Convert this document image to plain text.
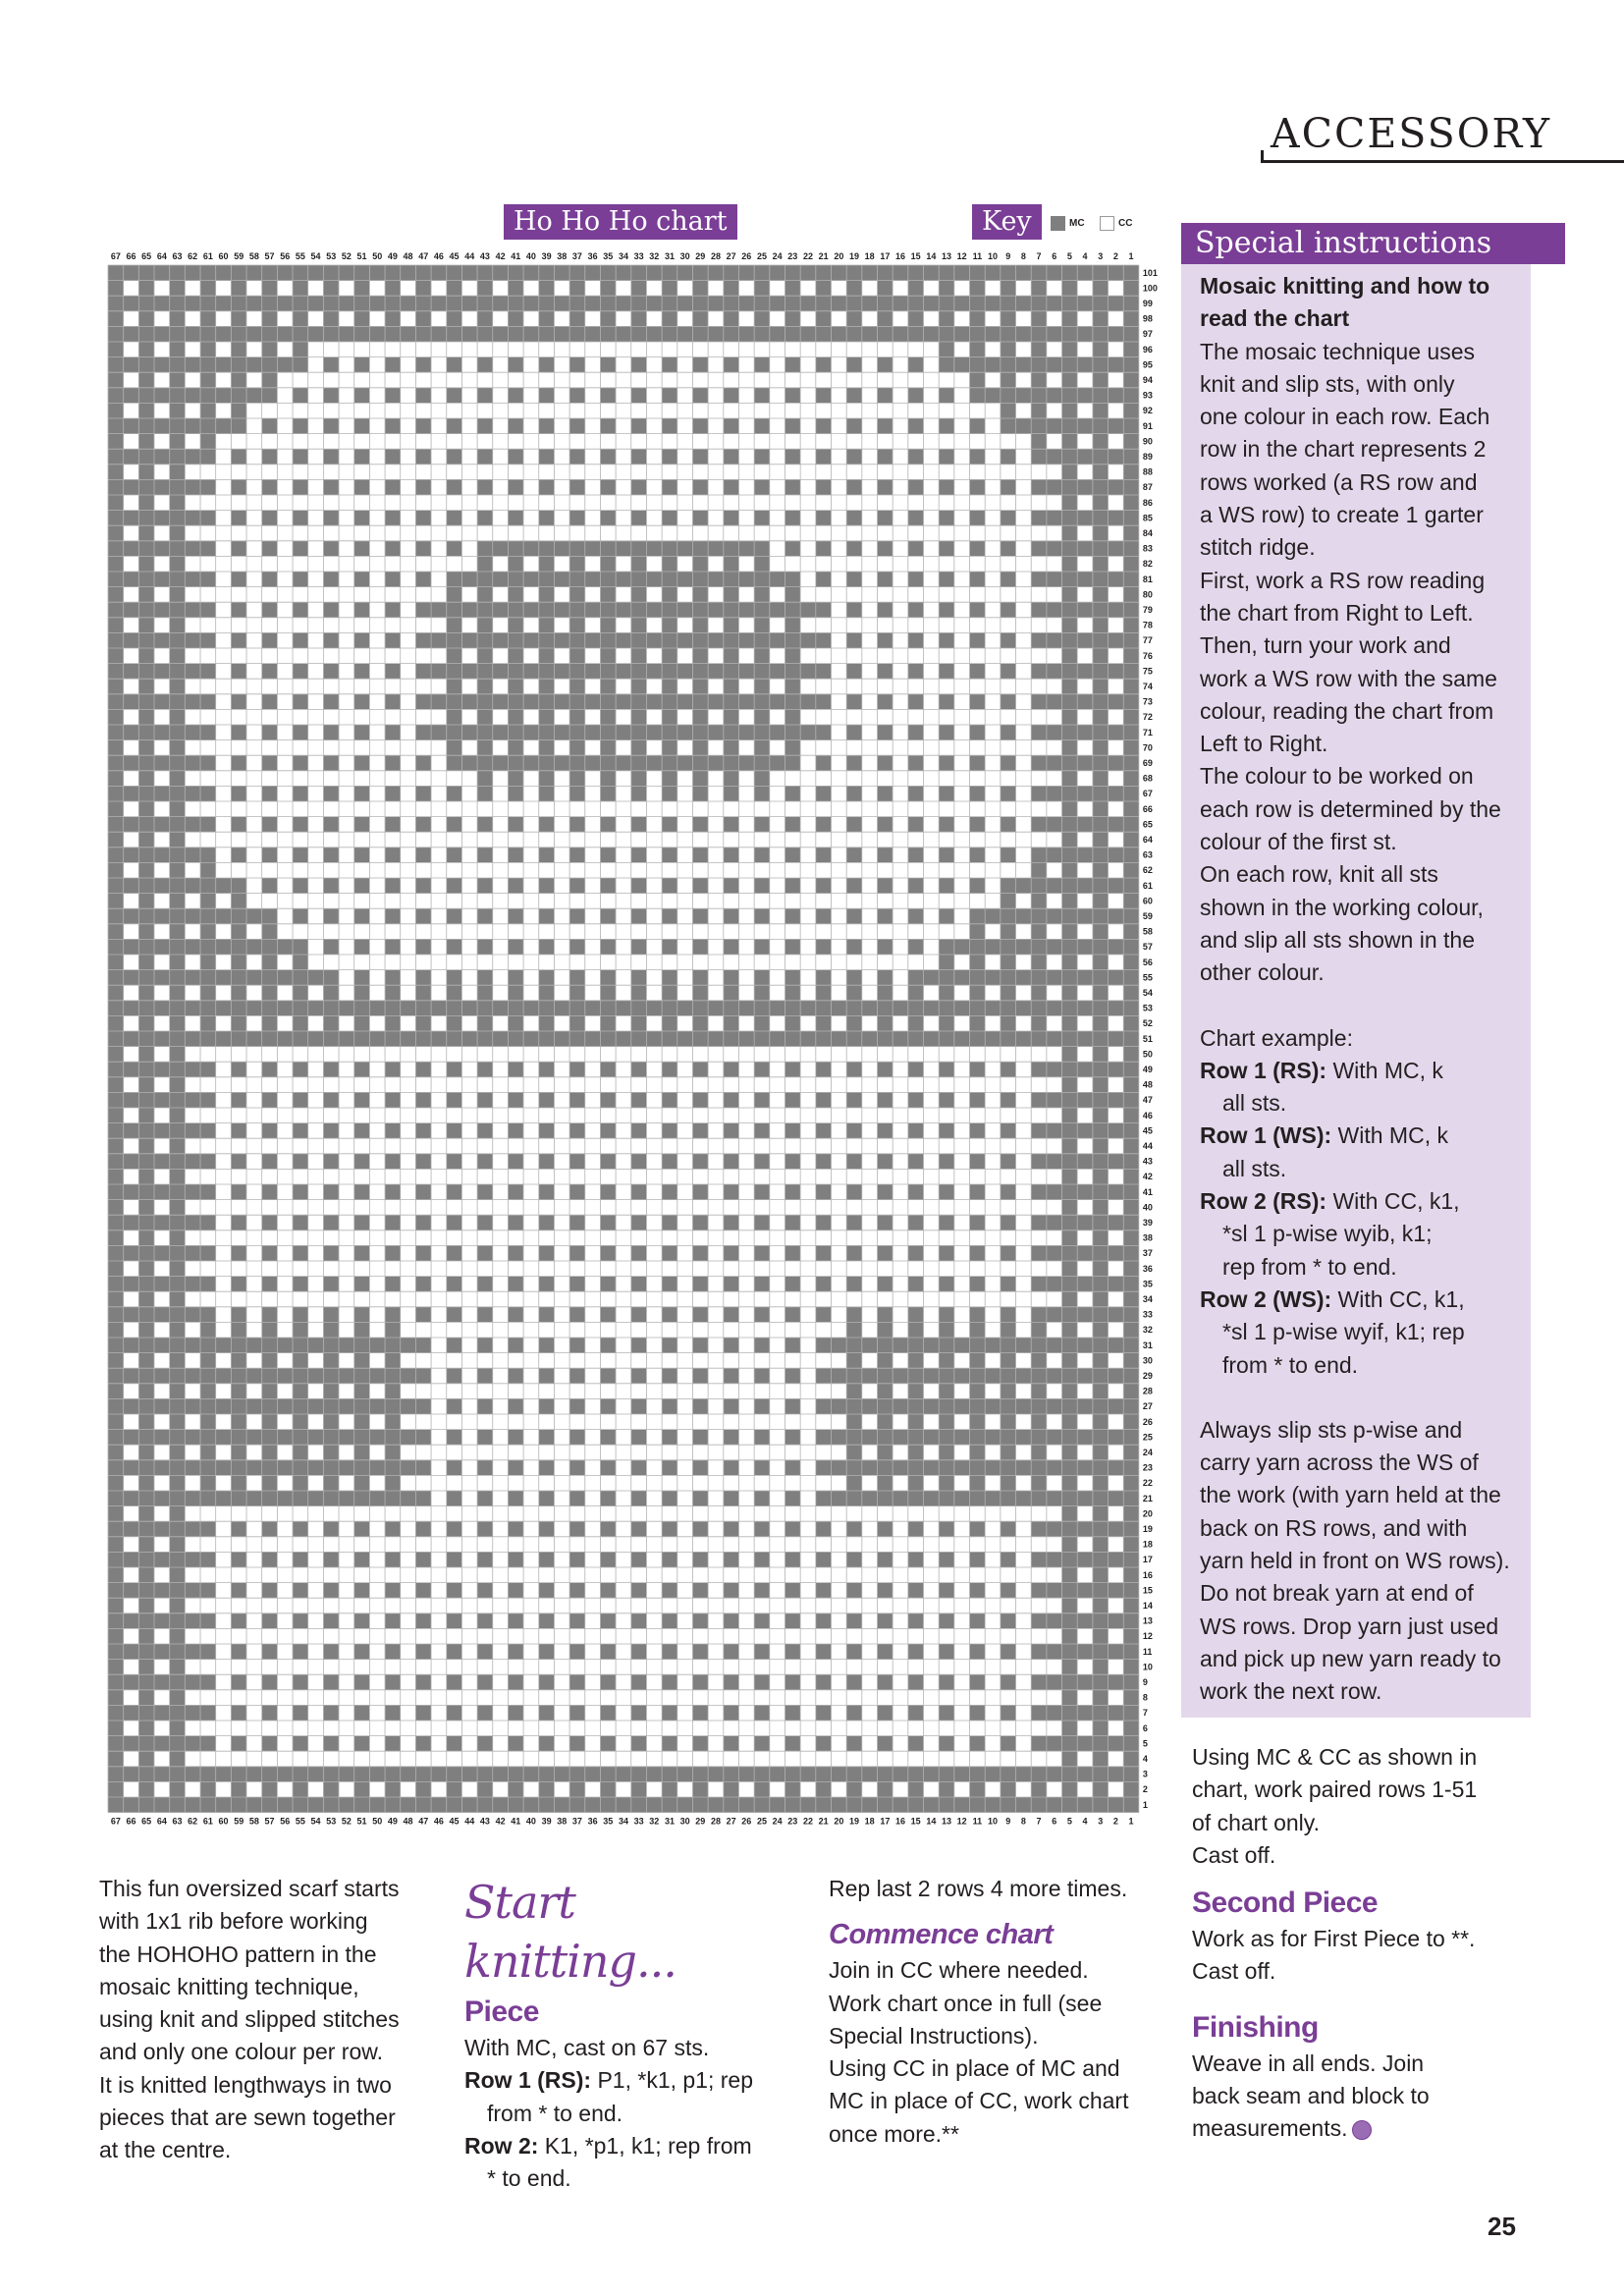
ACCESSORY
Ho Ho Ho chart	Key	MC	CC
1
1
2
2
3
3
4
4
5
5
6
6
7
7
8
8
9
9
10
10
11
11
12
12
13
13
14
14
15
15
16
16
17
17
18
18
19
19
20
20
21
21
22
22
23
23
24
24
25
25
26
26
27
27
28
28
29
29
30
30
31
31
32
32
33
33
34
34
35
35
36
36
37
37
38
38
39
39
40
40
41
41
42
42
43
43
44
44
45
45
46
46
47
47
48
48
49
49
50
50
51
51
52
52
53
53
54
54
55
55
56
56
57
57
58
58
59
59
60
60
61
61
62
62
63
63
64
64
65
65
66
66
67
67
1
2
3
4
5
6
7
8
9
10
11
12
13
14
15
16
17
18
19
20
21
22
23
24
25
26
27
28
29
30
31
32
33
34
35
36
37
38
39
40
41
42
43
44
45
46
47
48
49
50
51
52
53
54
55
56
57
58
59
60
61
62
63
64
65
66
67
68
69
70
71
72
73
74
75
76
77
78
79
80
81
82
83
84
85
86
87
88
89
90
91
92
93
94
95
96
97
98
99
100
101
Special instructions

Mosaic knitting and how to

read the chart

The mosaic technique uses

knit and slip sts, with only

one colour in each row. Each

row in the chart represents 2

rows worked (a RS row and

a WS row) to create 1 garter

stitch ridge.

First, work a RS row reading

the chart from Right to Left.

Then, turn your work and

work a WS row with the same

colour, reading the chart from

Left to Right.

The colour to be worked on

each row is determined by the

colour of the first st.

On each row, knit all sts

shown in the working colour,

and slip all sts shown in the

other colour.

Chart example:

Row 1 (RS): With MC, k

all sts.

Row 1 (WS): With MC, k

all sts.

Row 2 (RS): With CC, k1,

*sl 1 p-wise wyib, k1;

rep from * to end.

Row 2 (WS): With CC, k1,

*sl 1 p-wise wyif, k1; rep

from * to end.

Always slip sts p-wise and

carry yarn across the WS of

the work (with yarn held at the

back on RS rows, and with

yarn held in front on WS rows).

Do not break yarn at end of

WS rows. Drop yarn just used

and pick up new yarn ready to

work the next row.

This fun oversized scarf starts

with 1x1 rib before working

the HOHOHO pattern in the

mosaic knitting technique,

using knit and slipped stitches

and only one colour per row.

It is knitted lengthways in two

pieces that are sewn together

at the centre.

Start knitting...
Piece

With MC, cast on 67 sts.

Row 1 (RS): P1, *k1, p1; rep

from * to end.

Row 2: K1, *p1, k1; rep from

* to end.

Rep last 2 rows 4 more times.

Commence chart

Join in CC where needed.

Work chart once in full (see

Special Instructions).

Using CC in place of MC and

MC in place of CC, work chart

once more.**

Using MC & CC as shown in

chart, work paired rows 1-51

of chart only.

Cast off.

Second Piece

Work as for First Piece to **.

Cast off.

Finishing

Weave in all ends. Join

back seam and block to

measurements.

25
